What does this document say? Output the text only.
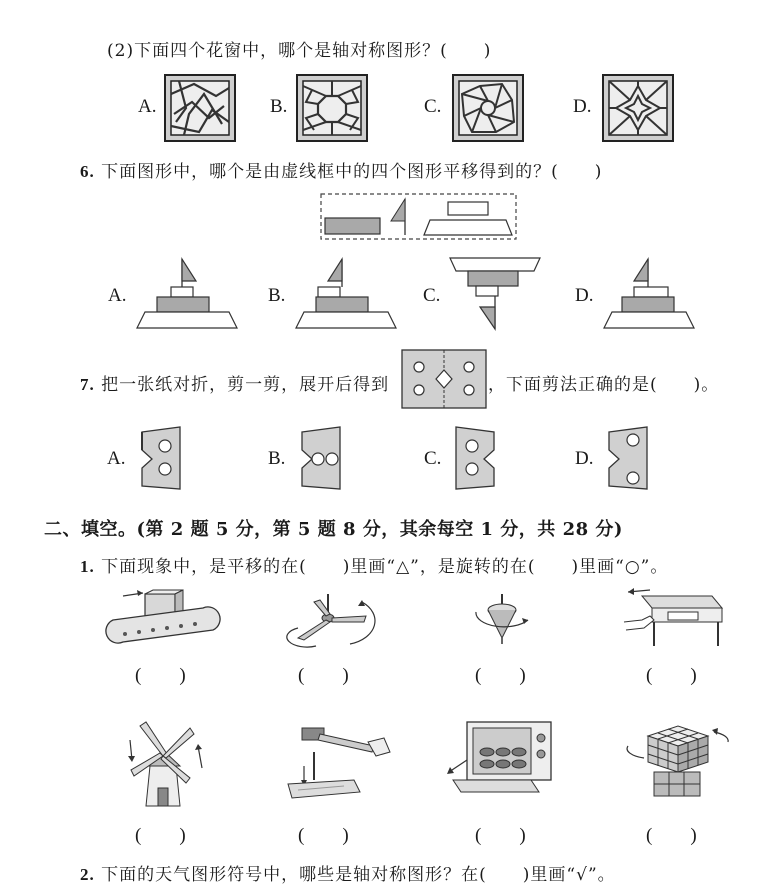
(2)下面四个花窗中，哪个是轴对称图形？(　　)
A.	B.	C.	D.
6. 下面图形中，哪个是由虚线框中的四个图形平移得到的？(　　)
A.	B.	C.	D.
7. 把一张纸对折，剪一剪，展开后得到	，下面剪法正确的是(　　)。
A.	B.	C.	D.
二、填空。(第 2 题 5 分，第 5 题 8 分，其余每空 1 分，共 28 分)
1. 下面现象中，是平移的在(　　)里画“△”，是旋转的在(　　)里画“○”。
(　　)	(　　)	(　　)	(　　)
(　　)	(　　)	(　　)	(　　)
2. 下面的天气图形符号中，哪些是轴对称图形？在(　　)里画“√”。
